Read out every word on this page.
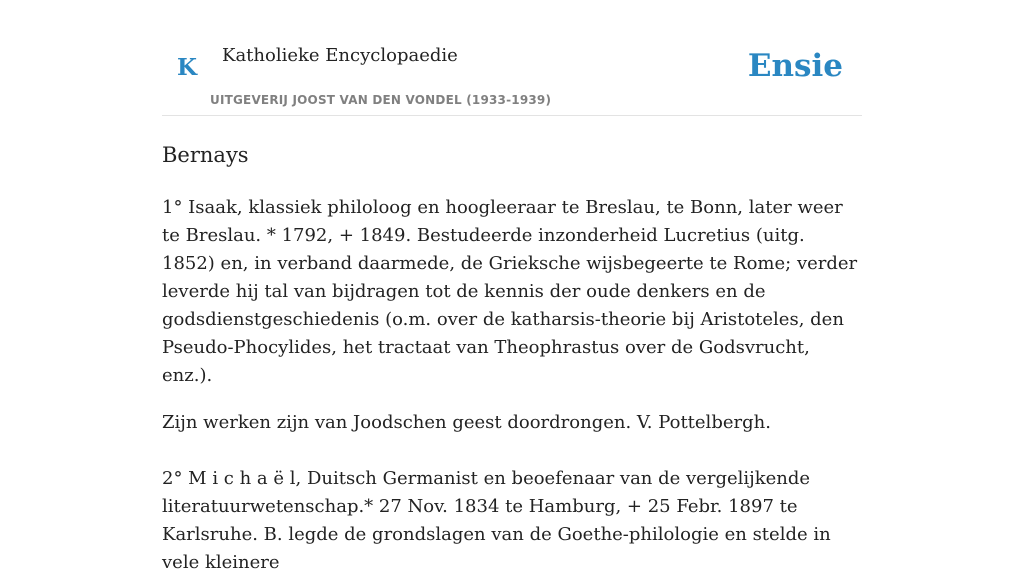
K Katholieke Encyclopaedie
UITGEVERIJ JOOST VAN DEN VONDEL (1933-1939)
Ensie
Bernays

1° Isaak, klassiek philoloog en hoogleeraar te Breslau, te Bonn, later weer te Breslau. * 1792, + 1849. Bestudeerde inzonderheid Lucretius (uitg. 1852) en, in verband daarmede, de Grieksche wijsbegeerte te Rome; verder leverde hij tal van bijdragen tot de kennis der oude denkers en de godsdienstgeschiedenis (o.m. over de katharsis-theorie bij Aristoteles, den Pseudo-Phocylides, het tractaat van Theophrastus over de Godsvrucht, enz.).

Zijn werken zijn van Joodschen geest doordrongen. V. Pottelbergh.

2° M i c h a ë l, Duitsch Germanist en beoefenaar van de vergelijkende literatuurwetenschap.* 27 Nov. 1834 te Hamburg, + 25 Febr. 1897 te Karlsruhe. B. legde de grondslagen van de Goethe-philologie en stelde in vele kleinere
